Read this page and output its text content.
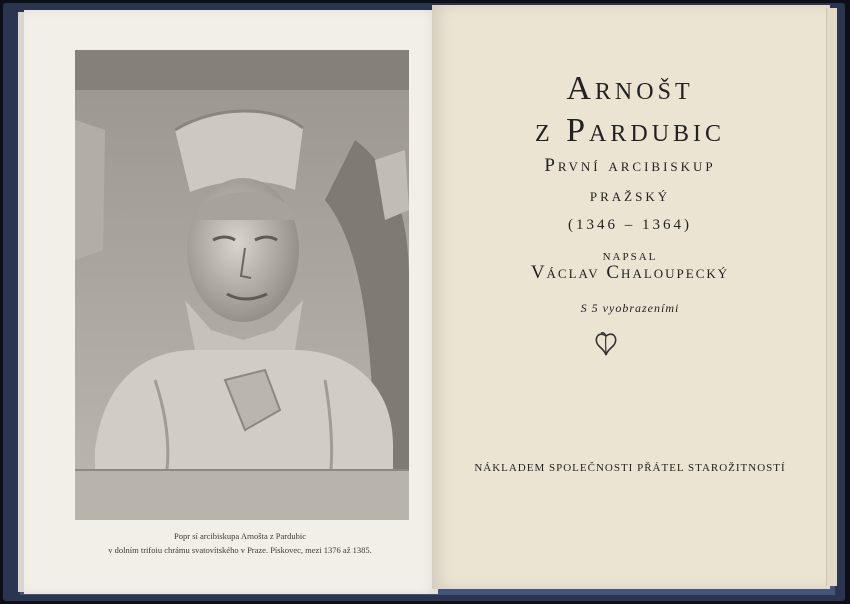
Popr sí arcibiskupa Arnošta z Pardubic
v dolním trifoiu chrámu svatovítského v Praze. Pískovec, mezi 1376 až 1385.
Arnošt
z Pardubic
První arcibiskup
pražský
(1346 – 1364)
NAPSAL
Václav Chaloupecký
S 5 vyobrazeními
NÁKLADEM SPOLEČNOSTI PŘÁTEL STAROŽITNOSTÍ
